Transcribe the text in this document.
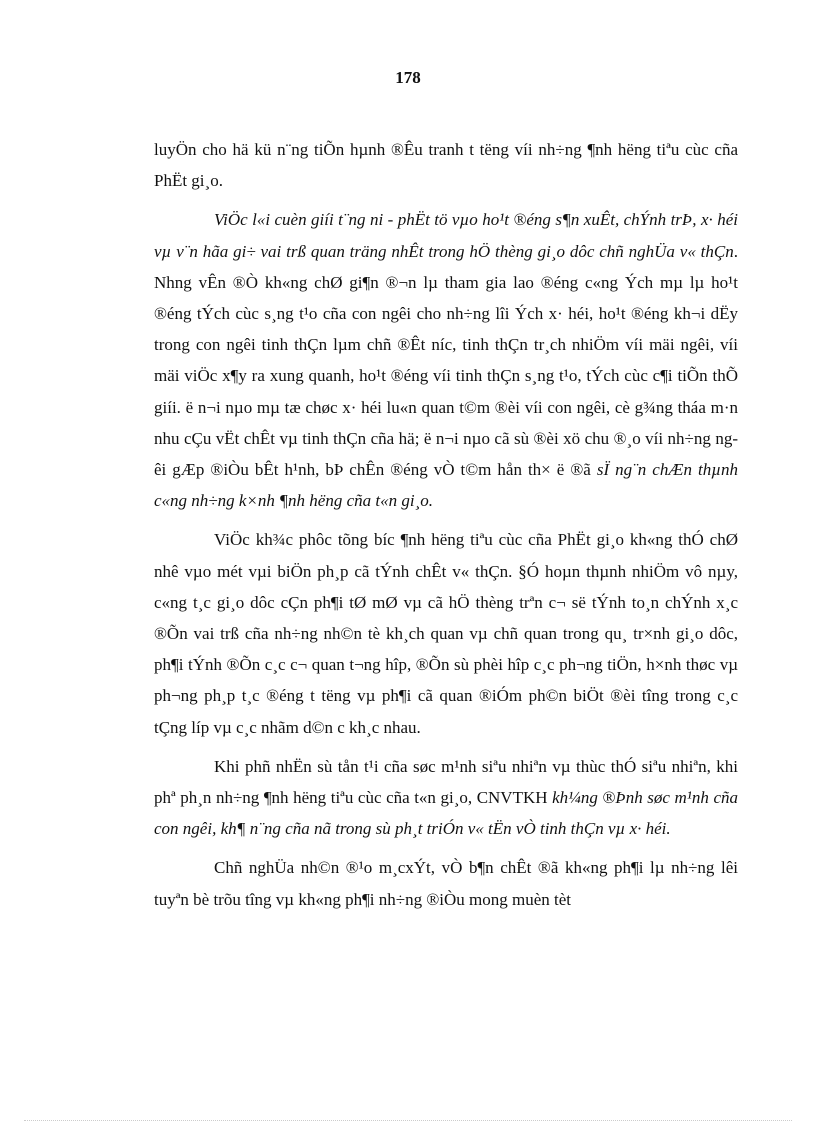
178

luyÖn cho hä kü n¨ng tiÕn hµnh ®Êu tranh t tëng víi nh÷ng ¶nh hëng tiªu cùc cña PhËt gi¸o.

ViÖc l«i cuèn giíi t¨ng ni - phËt tö vµo ho¹t ®éng s¶n xuÊt, chÝnh trÞ, x· héi vµ v¨n hãa gi÷ vai trß quan träng nhÊt trong hÖ thèng gi¸o dôc chñ nghÜa v« thÇn. Nhng vÊn ®Ò kh«ng chØ gi¶n ®¬n lµ tham gia lao ®éng c«ng Ých mµ lµ ho¹t ®éng tÝch cùc s¸ng t¹o cña con ngêi cho nh÷ng lîi Ých x· héi, ho¹t ®éng kh¬i dËy trong con ngêi tinh thÇn lµm chñ ®Êt níc, tinh thÇn tr¸ch nhiÖm víi mäi ngêi, víi mäi viÖc x¶y ra xung quanh, ho¹t ®éng víi tinh thÇn s¸ng t¹o, tÝch cùc c¶i tiÕn thÕ giíi. ë n¬i nµo mµ tæ chøc x· héi lu«n quan t©m ®èi víi con ngêi, cè g¾ng tháa m·n nhu cÇu vËt chÊt vµ tinh thÇn cña hä; ë n¬i nµo cã sù ®èi xö chu ®¸o víi nh÷ng ngêi gÆp ®iÒu bÊt h¹nh, bÞ chÊn ®éng vÒ t©m hån th× ë ®ã sÏ ng¨n chÆn thµnh c«ng nh÷ng k×nh ¶nh hëng cña t«n gi¸o.

ViÖc kh¾c phôc tõng bíc ¶nh hëng tiªu cùc cña PhËt gi¸o kh«ng thÓ chØ nhê vµo mét vµi biÖn ph¸p cã tÝnh chÊt v« thÇn. §Ó hoµn thµnh nhiÖm vô nµy, c«ng t¸c gi¸o dôc cÇn ph¶i tØ mØ vµ cã hÖ thèng trªn c¬ së tÝnh to¸n chÝnh x¸c ®Õn vai trß cña nh÷ng nh©n tè kh¸ch quan vµ chñ quan trong qu¸ tr×nh gi¸o dôc, ph¶i tÝnh ®Õn c¸c c¬ quan t¬ng hîp, ®Õn sù phèi hîp c¸c ph¬ng tiÖn, h×nh thøc vµ ph¬ng ph¸p t¸c ®éng t tëng vµ ph¶i cã quan ®iÓm ph©n biÖt ®èi tîng trong c¸c tÇng líp vµ c¸c nhãm d©n c kh¸c nhau.

Khi phñ nhËn sù tån t¹i cña søc m¹nh siªu nhiªn vµ thùc thÓ siªu nhiªn, khi phª ph¸n nh÷ng ¶nh hëng tiªu cùc cña t«n gi¸o, CNVTKH kh¼ng ®Þnh søc m¹nh cña con ngêi, kh¶ n¨ng cña nã trong sù ph¸t triÓn v« tËn vÒ tinh thÇn vµ x· héi.

Chñ nghÜa nh©n ®¹o m¸cxÝt, vÒ b¶n chÊt ®ã kh«ng ph¶i lµ nh÷ng lêi tuyªn bè trõu tîng vµ kh«ng ph¶i nh÷ng ®iÒu mong muèn tèt
